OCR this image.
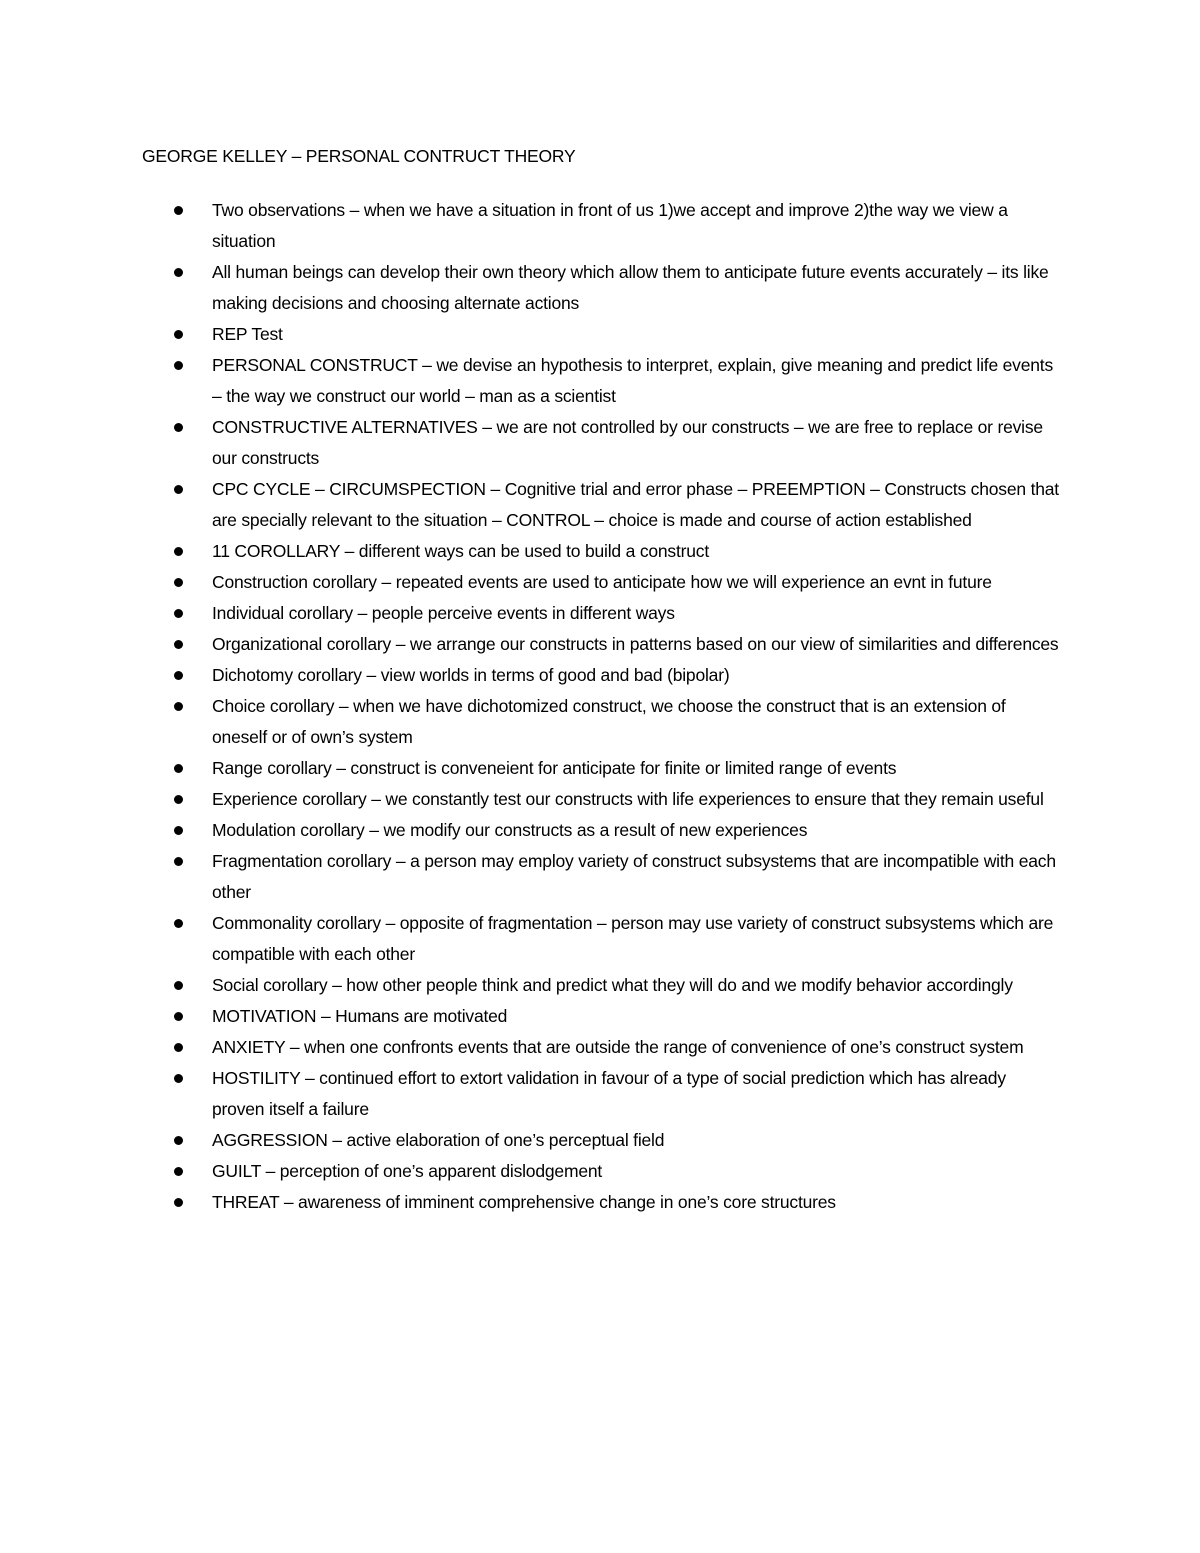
GEORGE KELLEY – PERSONAL CONTRUCT THEORY
Two observations – when we have a situation in front of us 1)we accept and improve 2)the way we view a situation
All human beings can develop their own theory which allow them to anticipate future events accurately – its like making decisions and choosing alternate actions
REP Test
PERSONAL CONSTRUCT – we devise an hypothesis to interpret, explain, give meaning and predict life events – the way we construct our world – man as a scientist
CONSTRUCTIVE ALTERNATIVES – we are not controlled by our constructs – we are free to replace or revise our constructs
CPC CYCLE – CIRCUMSPECTION – Cognitive trial and error phase – PREEMPTION – Constructs chosen that are specially relevant to the situation – CONTROL – choice is made and course of action established
11 COROLLARY – different ways can be used to build a construct
Construction corollary – repeated events are used to anticipate how we will experience an evnt in future
Individual corollary – people perceive events in different ways
Organizational corollary – we arrange our constructs in patterns based on our view of similarities and differences
Dichotomy corollary – view worlds in terms of good and bad (bipolar)
Choice corollary – when we have dichotomized construct, we choose the construct that is an extension of oneself or of own’s system
Range corollary – construct is conveneient for anticipate for finite or limited range of events
Experience corollary – we constantly test our constructs with life experiences to ensure that they remain useful
Modulation corollary – we modify our constructs as a result of new experiences
Fragmentation corollary – a person may employ variety of construct subsystems that are incompatible with each other
Commonality corollary – opposite of fragmentation – person may use variety of construct subsystems which are compatible with each other
Social corollary – how other people think and predict what they will do and we modify behavior accordingly
MOTIVATION – Humans are motivated
ANXIETY – when one confronts events that are outside the range of convenience of one’s construct system
HOSTILITY – continued effort to extort validation in favour of a type of social prediction which has already proven itself a failure
AGGRESSION – active elaboration of one’s perceptual field
GUILT – perception of one’s apparent dislodgement
THREAT – awareness of imminent comprehensive change in one’s core structures
